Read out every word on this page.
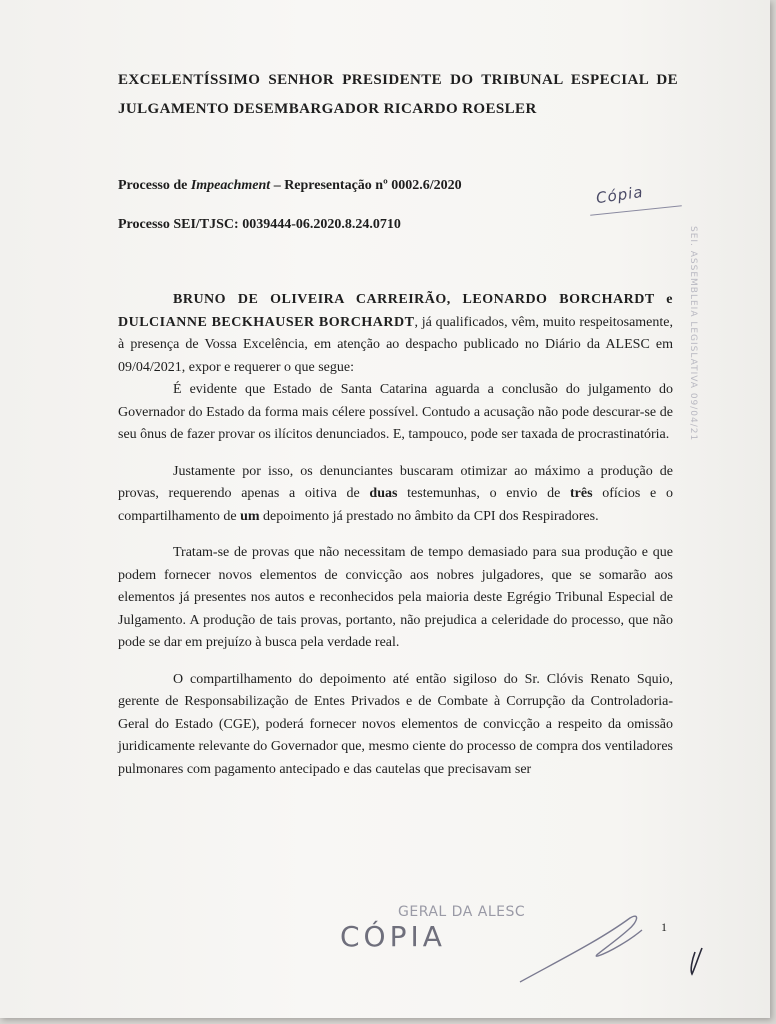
EXCELENTÍSSIMO SENHOR PRESIDENTE DO TRIBUNAL ESPECIAL DE JULGAMENTO DESEMBARGADOR RICARDO ROESLER
Processo de Impeachment – Representação nº 0002.6/2020
Processo SEI/TJSC: 0039444-06.2020.8.24.0710
Cópia
SEI. ASSEMBLEIA LEGISLATIVA 09/04/21

BRUNO DE OLIVEIRA CARREIRÃO, LEONARDO BORCHARDT e DULCIANNE BECKHAUSER BORCHARDT, já qualificados, vêm, muito respeitosamente, à presença de Vossa Excelência, em atenção ao despacho publicado no Diário da ALESC em 09/04/2021, expor e requerer o que segue:

É evidente que Estado de Santa Catarina aguarda a conclusão do julgamento do Governador do Estado da forma mais célere possível. Contudo a acusação não pode descurar-se de seu ônus de fazer provar os ilícitos denunciados. E, tampouco, pode ser taxada de procrastinatória.

Justamente por isso, os denunciantes buscaram otimizar ao máximo a produção de provas, requerendo apenas a oitiva de duas testemunhas, o envio de três ofícios e o compartilhamento de um depoimento já prestado no âmbito da CPI dos Respiradores.

Tratam-se de provas que não necessitam de tempo demasiado para sua produção e que podem fornecer novos elementos de convicção aos nobres julgadores, que se somarão aos elementos já presentes nos autos e reconhecidos pela maioria deste Egrégio Tribunal Especial de Julgamento. A produção de tais provas, portanto, não prejudica a celeridade do processo, que não pode se dar em prejuízo à busca pela verdade real.

O compartilhamento do depoimento até então sigiloso do Sr. Clóvis Renato Squio, gerente de Responsabilização de Entes Privados e de Combate à Corrupção da Controladoria-Geral do Estado (CGE), poderá fornecer novos elementos de convicção a respeito da omissão juridicamente relevante do Governador que, mesmo ciente do processo de compra dos ventiladores pulmonares com pagamento antecipado e das cautelas que precisavam ser

GERAL DA ALESC
CÓPIA	1
